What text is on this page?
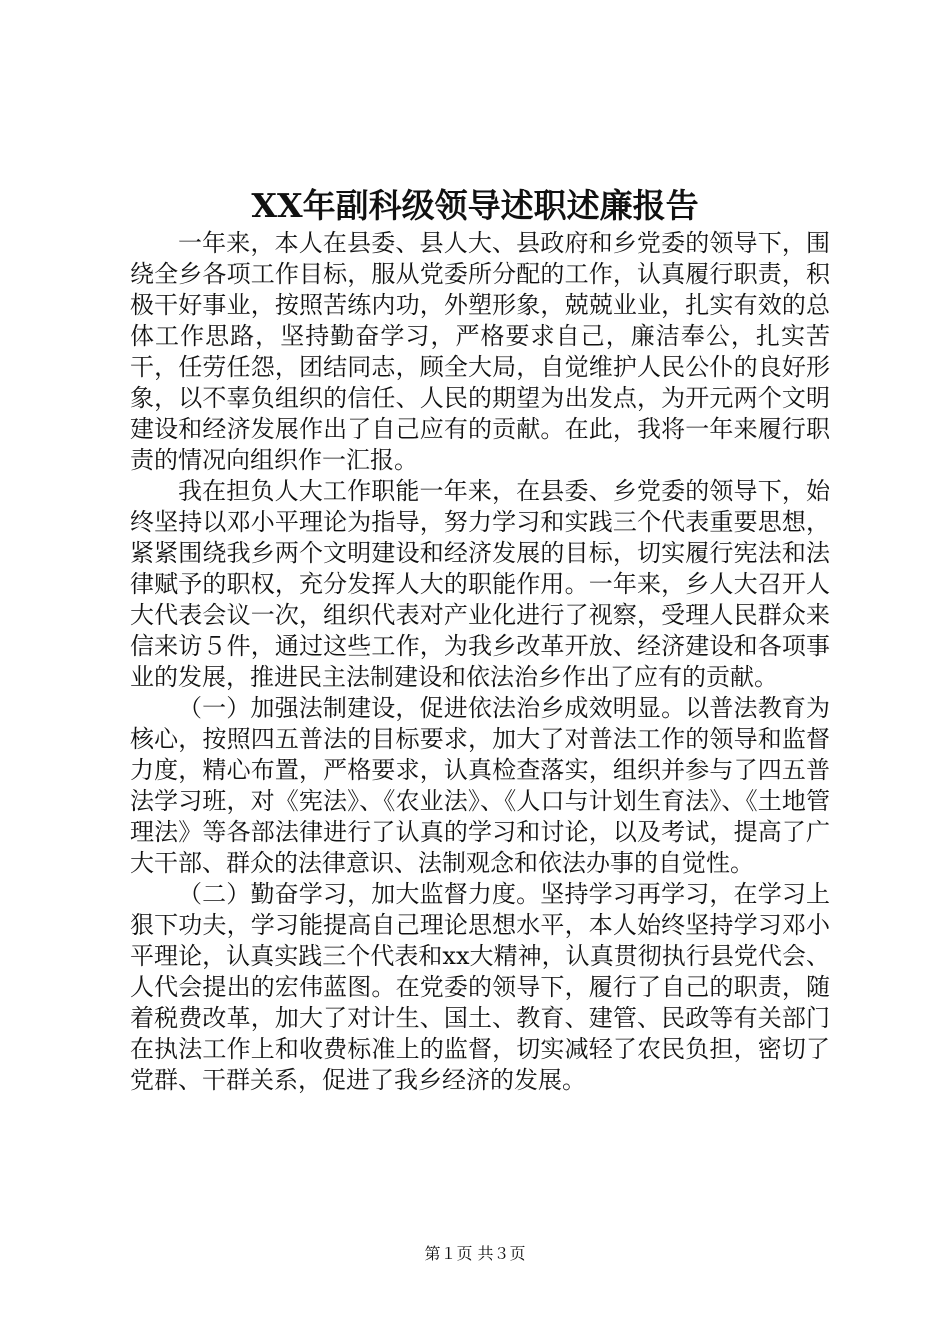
XX年副科级领导述职述廉报告

一年来，本人在县委、县人大、县政府和乡党委的领导下，围绕全乡各项工作目标，服从党委所分配的工作，认真履行职责，积极干好事业，按照苦练内功，外塑形象，兢兢业业，扎实有效的总体工作思路，坚持勤奋学习，严格要求自己，廉洁奉公，扎实苦干，任劳任怨，团结同志，顾全大局，自觉维护人民公仆的良好形象，以不辜负组织的信任、人民的期望为出发点，为开元两个文明建设和经济发展作出了自己应有的贡献。在此，我将一年来履行职责的情况向组织作一汇报。

我在担负人大工作职能一年来，在县委、乡党委的领导下，始终坚持以邓小平理论为指导，努力学习和实践三个代表重要思想，紧紧围绕我乡两个文明建设和经济发展的目标，切实履行宪法和法律赋予的职权，充分发挥人大的职能作用。一年来，乡人大召开人大代表会议一次，组织代表对产业化进行了视察，受理人民群众来信来访５件，通过这些工作，为我乡改革开放、经济建设和各项事业的发展，推进民主法制建设和依法治乡作出了应有的贡献。

（一）加强法制建设，促进依法治乡成效明显。以普法教育为核心，按照四五普法的目标要求，加大了对普法工作的领导和监督力度，精心布置，严格要求，认真检查落实，组织并参与了四五普法学习班，对《宪法》、《农业法》、《人口与计划生育法》、《土地管理法》等各部法律进行了认真的学习和讨论，以及考试，提高了广大干部、群众的法律意识、法制观念和依法办事的自觉性。

（二）勤奋学习，加大监督力度。坚持学习再学习，在学习上狠下功夫，学习能提高自己理论思想水平，本人始终坚持学习邓小平理论，认真实践三个代表和xx大精神，认真贯彻执行县党代会、人代会提出的宏伟蓝图。在党委的领导下，履行了自己的职责，随着税费改革，加大了对计生、国土、教育、建管、民政等有关部门在执法工作上和收费标准上的监督，切实减轻了农民负担，密切了党群、干群关系，促进了我乡经济的发展。

第１页 共３页
